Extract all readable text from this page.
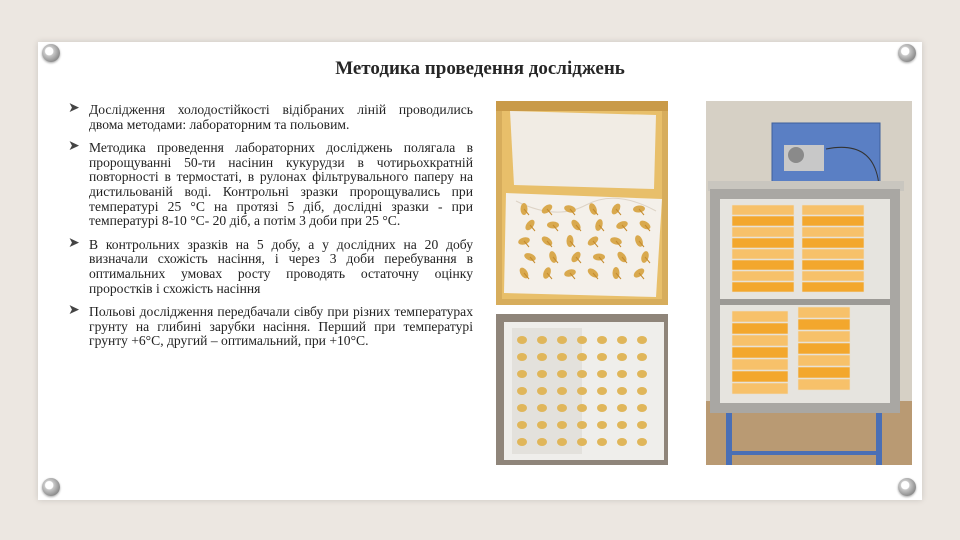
Методика проведення досліджень
➤ Дослідження холодостійкості відібраних ліній проводились двома методами: лабораторним та польовим.
➤ Методика проведення лабораторних досліджень полягала в пророщуванні 50-ти насінин кукурудзи в чотирьохкратній повторності в термостаті, в рулонах фільтрувального паперу на дистильованій воді. Контрольні зразки пророщувались при температурі 25 °С на протязі 5 діб, дослідні зразки - при температурі 8-10 °С- 20 діб, а потім 3 доби при 25 °С.
➤ В контрольних зразків на 5 добу, а у дослідних на 20 добу визначали схожість насіння, і через 3 доби перебування в оптимальних умовах росту проводять остаточну оцінку проростків і схожість насіння
➤ Польові дослідження передбачали сівбу при різних температурах грунту на глибині зарубки насіння. Перший при температурі грунту +6°С, другий – оптимальний, при +10°С.
